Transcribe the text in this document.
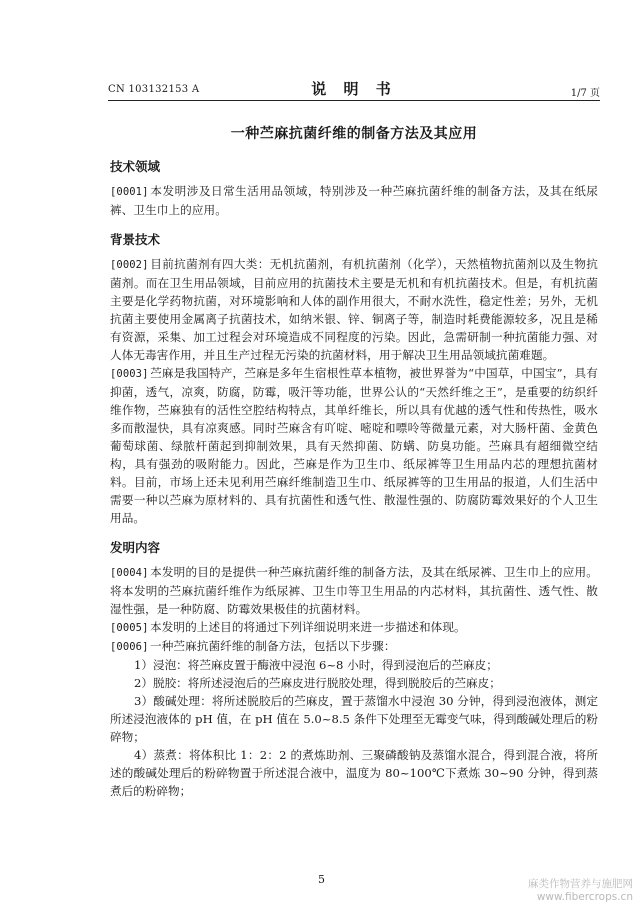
CN 103132153 A	说 明 书	1/7 页
一种苎麻抗菌纤维的制备方法及其应用
技术领域

[0001]本发明涉及日常生活用品领域，特别涉及一种苎麻抗菌纤维的制备方法，及其在纸尿裤、卫生巾上的应用。

背景技术

[0002]目前抗菌剂有四大类：无机抗菌剂，有机抗菌剂（化学），天然植物抗菌剂以及生物抗菌剂。而在卫生用品领域，目前应用的抗菌技术主要是无机和有机抗菌技术。但是，有机抗菌主要是化学药物抗菌，对环境影响和人体的副作用很大，不耐水洗性，稳定性差；另外，无机抗菌主要使用金属离子抗菌技术，如纳米银、锌、铜离子等，制造时耗费能源较多，况且是稀有资源，采集、加工过程会对环境造成不同程度的污染。因此，急需研制一种抗菌能力强、对人体无毒害作用，并且生产过程无污染的抗菌材料，用于解决卫生用品领域抗菌难题。

[0003]苎麻是我国特产，苎麻是多年生宿根性草本植物，被世界誉为“中国草，中国宝”，具有抑菌，透气，凉爽，防腐，防霉，吸汗等功能，世界公认的“天然纤维之王”，是重要的纺织纤维作物，苎麻独有的活性空腔结构特点，其单纤维长，所以具有优越的透气性和传热性，吸水多而散湿快，具有凉爽感。同时苎麻含有吖啶、嘧啶和嘌呤等微量元素，对大肠杆菌、金黄色葡萄球菌、绿脓杆菌起到抑制效果，具有天然抑菌、防螨、防臭功能。苎麻具有超细微空结构，具有强劲的吸附能力。因此，苎麻是作为卫生巾、纸尿裤等卫生用品内芯的理想抗菌材料。目前，市场上还未见利用苎麻纤维制造卫生巾、纸尿裤等的卫生用品的报道，人们生活中需要一种以苎麻为原材料的、具有抗菌性和透气性、散湿性强的、防腐防霉效果好的个人卫生用品。

发明内容

[0004]本发明的目的是提供一种苎麻抗菌纤维的制备方法，及其在纸尿裤、卫生巾上的应用。将本发明的苎麻抗菌纤维作为纸尿裤、卫生巾等卫生用品的内芯材料，其抗菌性、透气性、散湿性强，是一种防腐、防霉效果极佳的抗菌材料。

[0005]本发明的上述目的将通过下列详细说明来进一步描述和体现。

[0006]一种苎麻抗菌纤维的制备方法，包括以下步骤：

1）浸泡：将苎麻皮置于酶液中浸泡 6~8 小时，得到浸泡后的苎麻皮；

2）脱胶：将所述浸泡后的苎麻皮进行脱胶处理，得到脱胶后的苎麻皮；

3）酸碱处理：将所述脱胶后的苎麻皮，置于蒸馏水中浸泡 30 分钟，得到浸泡液体，测定所述浸泡液体的 pH 值，在 pH 值在 5.0~8.5 条件下处理至无霉变气味，得到酸碱处理后的粉碎物；

4）蒸煮：将体积比 1：2：2 的煮炼助剂、三聚磷酸钠及蒸馏水混合，得到混合液，将所述的酸碱处理后的粉碎物置于所述混合液中，温度为 80~100℃下煮炼 30~90 分钟，得到蒸煮后的粉碎物；

5	麻类作物营养与施肥网
www.fibercrops.cn
